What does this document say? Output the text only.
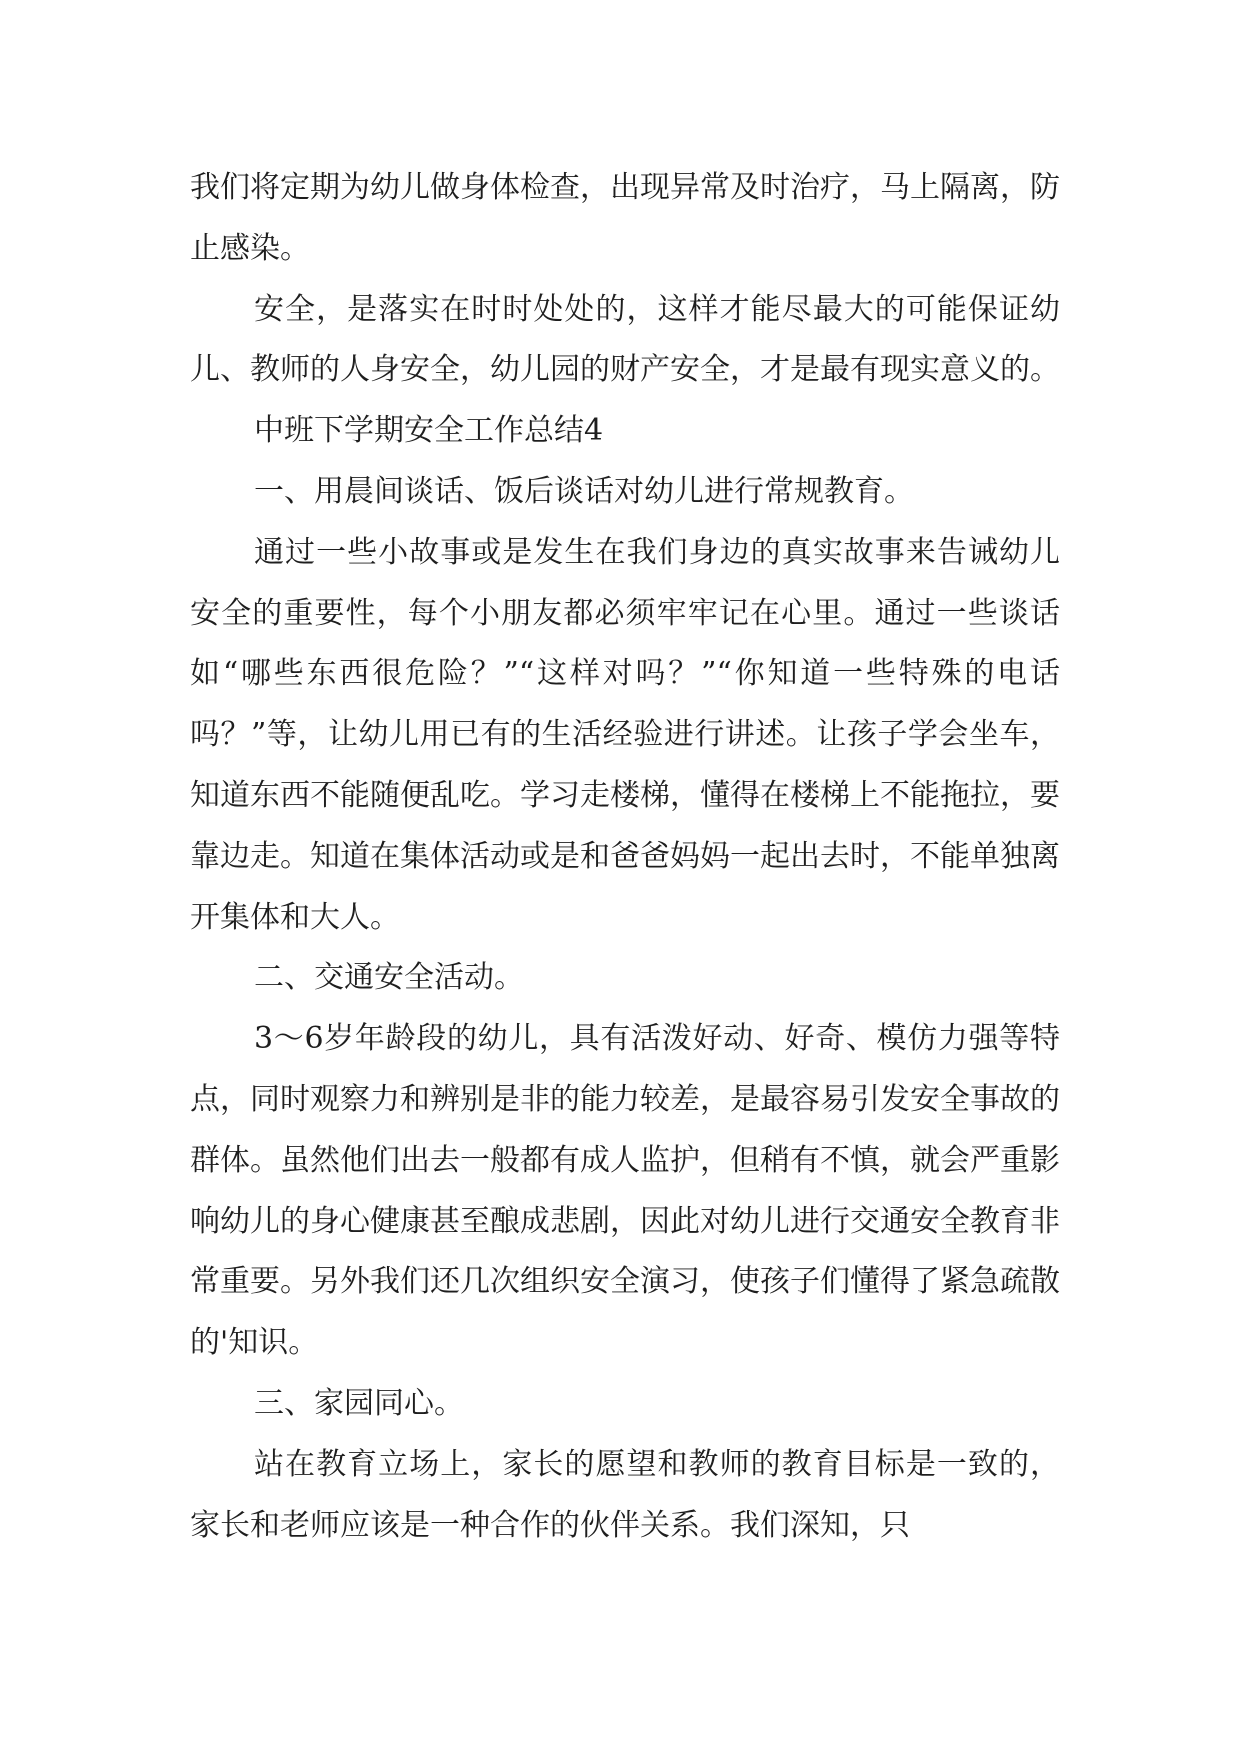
我们将定期为幼儿做身体检查，出现异常及时治疗，马上隔离，防止感染。

安全，是落实在时时处处的，这样才能尽最大的可能保证幼儿、教师的人身安全，幼儿园的财产安全，才是最有现实意义的。

中班下学期安全工作总结4

一、用晨间谈话、饭后谈话对幼儿进行常规教育。

通过一些小故事或是发生在我们身边的真实故事来告诫幼儿安全的重要性，每个小朋友都必须牢牢记在心里。通过一些谈话如“哪些东西很危险？”“这样对吗？”“你知道一些特殊的电话吗？”等，让幼儿用已有的生活经验进行讲述。让孩子学会坐车，知道东西不能随便乱吃。学习走楼梯，懂得在楼梯上不能拖拉，要靠边走。知道在集体活动或是和爸爸妈妈一起出去时，不能单独离开集体和大人。

二、交通安全活动。

3～6岁年龄段的幼儿，具有活泼好动、好奇、模仿力强等特点，同时观察力和辨别是非的能力较差，是最容易引发安全事故的群体。虽然他们出去一般都有成人监护，但稍有不慎，就会严重影响幼儿的身心健康甚至酿成悲剧，因此对幼儿进行交通安全教育非常重要。另外我们还几次组织安全演习，使孩子们懂得了紧急疏散的'知识。

三、家园同心。

站在教育立场上，家长的愿望和教师的教育目标是一致的，家长和老师应该是一种合作的伙伴关系。我们深知，只
